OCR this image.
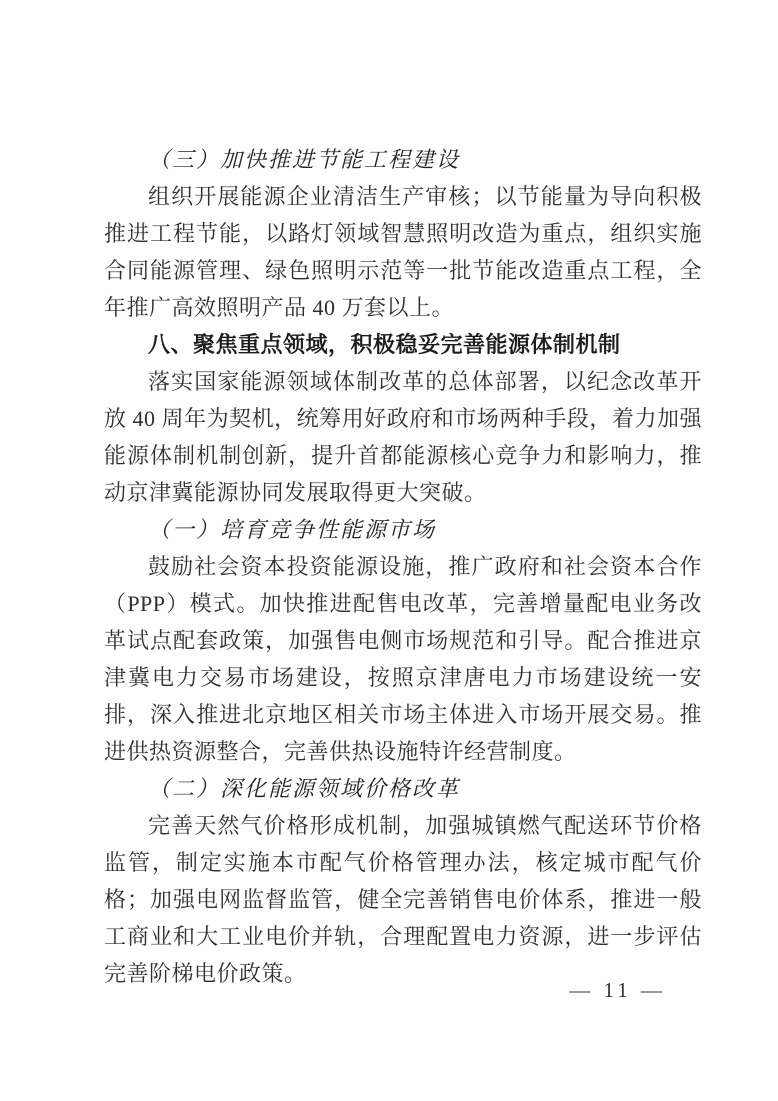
（三）加快推进节能工程建设

组织开展能源企业清洁生产审核；以节能量为导向积极推进工程节能，以路灯领域智慧照明改造为重点，组织实施合同能源管理、绿色照明示范等一批节能改造重点工程，全年推广高效照明产品 40 万套以上。

八、聚焦重点领域，积极稳妥完善能源体制机制

落实国家能源领域体制改革的总体部署，以纪念改革开放 40 周年为契机，统筹用好政府和市场两种手段，着力加强能源体制机制创新，提升首都能源核心竞争力和影响力，推动京津冀能源协同发展取得更大突破。

（一）培育竞争性能源市场

鼓励社会资本投资能源设施，推广政府和社会资本合作（PPP）模式。加快推进配售电改革，完善增量配电业务改革试点配套政策，加强售电侧市场规范和引导。配合推进京津冀电力交易市场建设，按照京津唐电力市场建设统一安排，深入推进北京地区相关市场主体进入市场开展交易。推进供热资源整合，完善供热设施特许经营制度。

（二）深化能源领域价格改革

完善天然气价格形成机制，加强城镇燃气配送环节价格监管，制定实施本市配气价格管理办法，核定城市配气价格；加强电网监督监管，健全完善销售电价体系，推进一般工商业和大工业电价并轨，合理配置电力资源，进一步评估完善阶梯电价政策。

— 11 —
